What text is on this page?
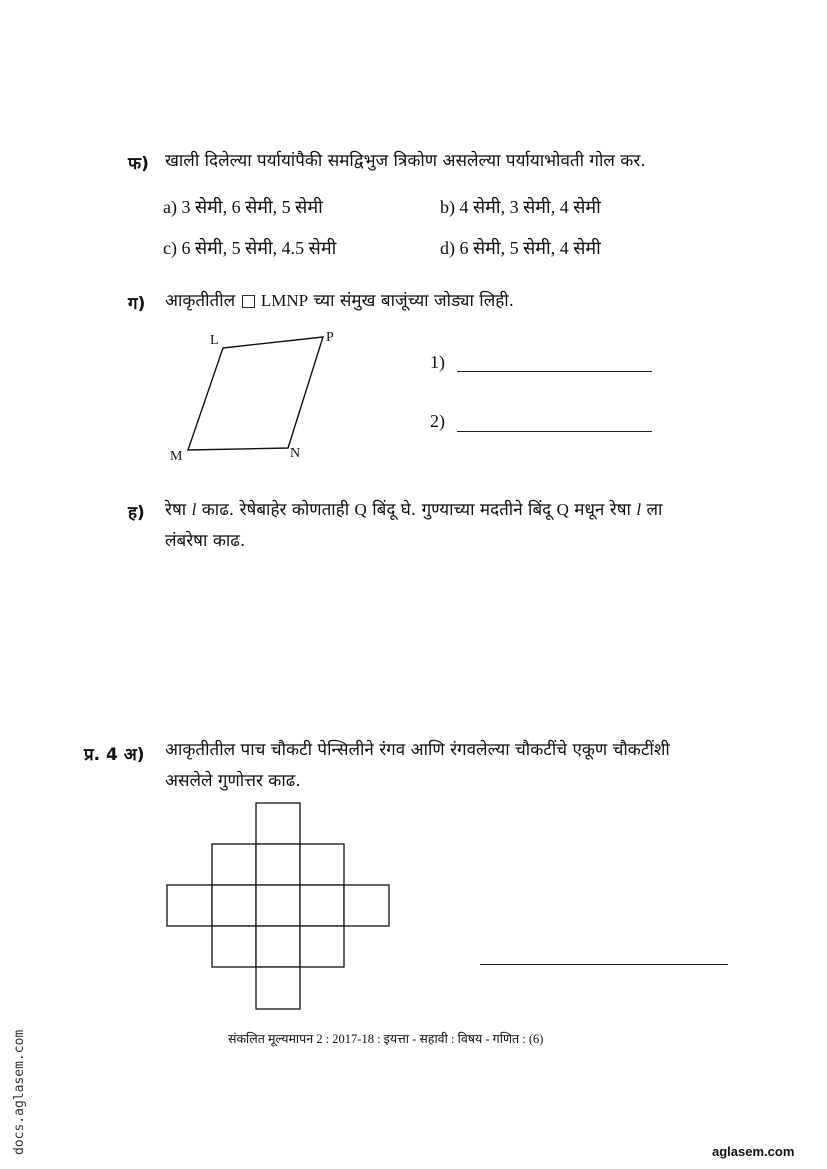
फ) खाली दिलेल्या पर्यायांपैकी समद्विभुज त्रिकोण असलेल्या पर्यायाभोवती गोल कर.
a) 3 सेमी, 6 सेमी, 5 सेमी	b) 4 सेमी, 3 सेमी, 4 सेमी
c) 6 सेमी, 5 सेमी, 4.5 सेमी	d) 6 सेमी, 5 सेमी, 4 सेमी
ग) आकृतीतील □ LMNP च्या संमुख बाजूंच्या जोड्या लिही.
L	P
M	N
1)
2)
ह) रेषा l काढ. रेषेबाहेर कोणताही Q बिंदू घे. गुण्याच्या मदतीने बिंदू Q मधून रेषा l ला
लंबरेषा काढ.
प्र. 4 अ) आकृतीतील पाच चौकटी पेन्सिलीने रंगव आणि रंगवलेल्या चौकटींचे एकूण चौकटींशी
असलेले गुणोत्तर काढ.
संकलित मूल्यमापन 2 : 2017-18 : इयत्ता - सहावी : विषय - गणित : (6)
docs.aglasem.com	aglasem.com
